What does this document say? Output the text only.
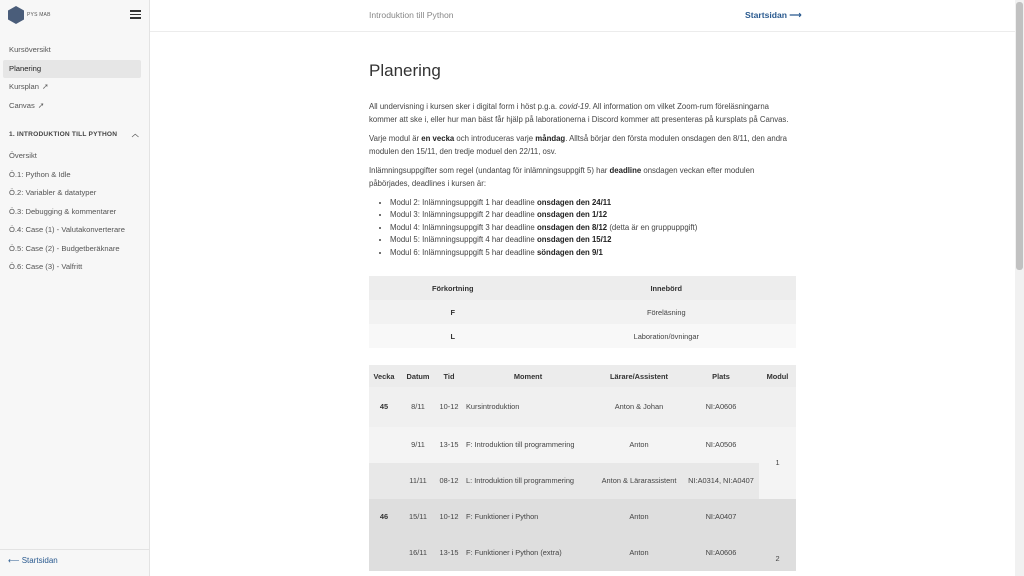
PYS MAB
Kursöversikt
Planering
Kursplan ➚
Canvas ➚
1. INTRODUKTION TILL PYTHON ︿
Översikt
Ö.1: Python & Idle
Ö.2: Variabler & datatyper
Ö.3: Debugging & kommentarer
Ö.4: Case (1) - Valutakonverterare
Ö.5: Case (2) - Budgetberäknare
Ö.6: Case (3) - Valfritt
⟵ Startsidan
Introduktion till Python	Startsidan ⟶
Planering

All undervisning i kursen sker i digital form i höst p.g.a. covid-19. All information om vilket Zoom-rum föreläsningarna kommer att ske i, eller hur man bäst får hjälp på laborationerna i Discord kommer att presenteras på kursplats på Canvas.

Varje modul är en vecka och introduceras varje måndag. Alltså börjar den första modulen onsdagen den 8/11, den andra modulen den 15/11, den tredje moduel den 22/11, osv.

Inlämningsuppgifter som regel (undantag för inlämningsuppgift 5) har deadline onsdagen veckan efter modulen påbörjades, deadlines i kursen är:

• Modul 2: Inlämningsuppgift 1 har deadline onsdagen den 24/11
• Modul 3: Inlämningsuppgift 2 har deadline onsdagen den 1/12
• Modul 4: Inlämningsuppgift 3 har deadline onsdagen den 8/12 (detta är en gruppuppgift)
• Modul 5: Inlämningsuppgift 4 har deadline onsdagen den 15/12
• Modul 6: Inlämningsuppgift 5 har deadline söndagen den 9/1
Förkortning	Innebörd
F	Föreläsning
L	Laboration/övningar
Vecka	Datum	Tid	Moment	Lärare/Assistent	Plats	Modul
45	8/11	10-12	Kursintroduktion	Anton & Johan	NI:A0606	
	9/11	13-15	F: Introduktion till programmering	Anton	NI:A0506	1
	11/11	08-12	L: Introduktion till programmering	Anton & Lärarassistent	NI:A0314, NI:A0407	
46	15/11	10-12	F: Funktioner i Python	Anton	NI:A0407	2
	16/11	13-15	F: Funktioner i Python (extra)	Anton	NI:A0606	
